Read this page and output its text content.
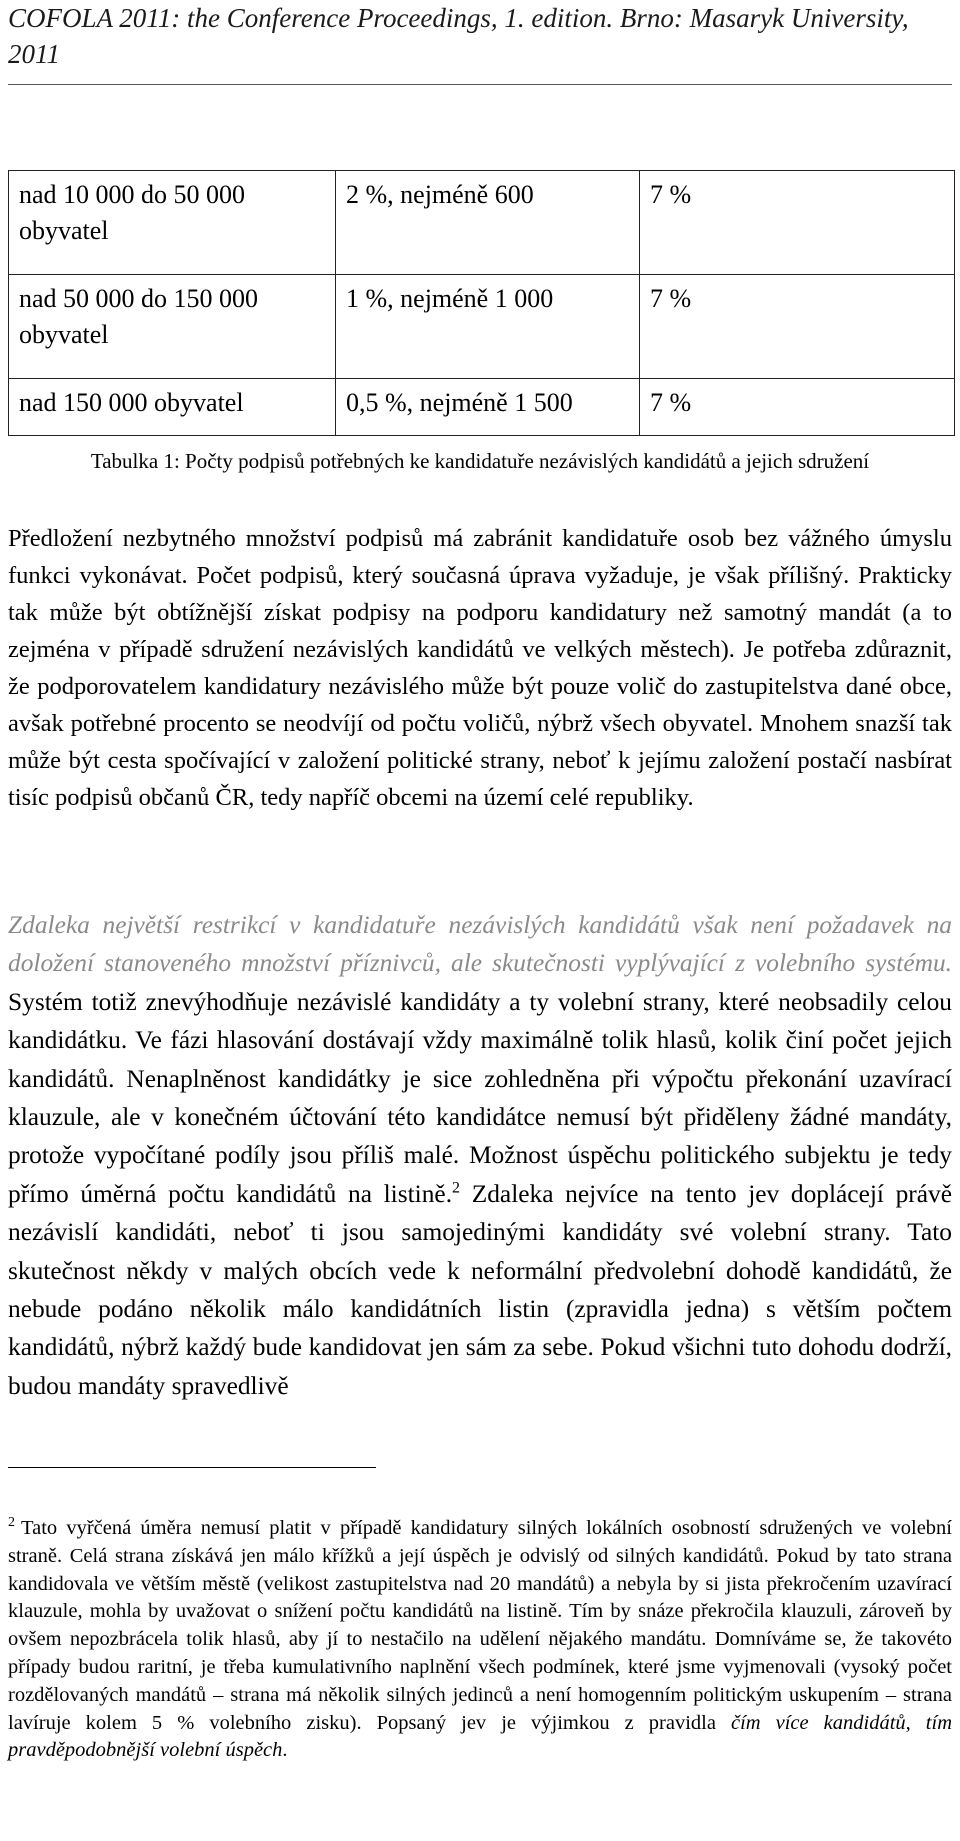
COFOLA 2011: the Conference Proceedings, 1. edition. Brno: Masaryk University, 2011
nad 10 000 do 50 000 obyvatel	2 %, nejméně 600	7 %
nad 50 000 do 150 000 obyvatel	1 %, nejméně 1 000	7 %
nad 150 000 obyvatel	0,5 %, nejméně 1 500	7 %
Tabulka 1: Počty podpisů potřebných ke kandidatuře nezávislých kandidátů a jejich sdružení

Předložení nezbytného množství podpisů má zabránit kandidatuře osob bez vážného úmyslu funkci vykonávat. Počet podpisů, který současná úprava vyžaduje, je však přílišný. Prakticky tak může být obtížnější získat podpisy na podporu kandidatury než samotný mandát (a to zejména v případě sdružení nezávislých kandidátů ve velkých městech). Je potřeba zdůraznit, že podporovatelem kandidatury nezávislého může být pouze volič do zastupitelstva dané obce, avšak potřebné procento se neodvíjí od počtu voličů, nýbrž všech obyvatel. Mnohem snazší tak může být cesta spočívající v založení politické strany, neboť k jejímu založení postačí nasbírat tisíc podpisů občanů ČR, tedy napříč obcemi na území celé republiky.

Zdaleka největší restrikcí v kandidatuře nezávislých kandidátů však není požadavek na doložení stanoveného množství příznivců, ale skutečnosti vyplývající z volebního systému. Systém totiž znevýhodňuje nezávislé kandidáty a ty volební strany, které neobsadily celou kandidátku. Ve fázi hlasování dostávají vždy maximálně tolik hlasů, kolik činí počet jejich kandidátů. Nenaplněnost kandidátky je sice zohledněna při výpočtu překonání uzavírací klauzule, ale v konečném účtování této kandidátce nemusí být přiděleny žádné mandáty, protože vypočítané podíly jsou příliš malé. Možnost úspěchu politického subjektu je tedy přímo úměrná počtu kandidátů na listině.$^2$ Zdaleka nejvíce na tento jev doplácejí právě nezávislí kandidáti, neboť ti jsou samojedinými kandidáty své volební strany. Tato skutečnost někdy v malých obcích vede k neformální předvolební dohodě kandidátů, že nebude podáno několik málo kandidátních listin (zpravidla jedna) s větším počtem kandidátů, nýbrž každý bude kandidovat jen sám za sebe. Pokud všichni tuto dohodu dodrží, budou mandáty spravedlivě

$^2$ Tato vyřčená úměra nemusí platit v případě kandidatury silných lokálních osobností sdružených ve volební straně. Celá strana získává jen málo křížků a její úspěch je odvislý od silných kandidátů. Pokud by tato strana kandidovala ve větším městě (velikost zastupitelstva nad 20 mandátů) a nebyla by si jista překročením uzavírací klauzule, mohla by uvažovat o snížení počtu kandidátů na listině. Tím by snáze překročila klauzuli, zároveň by ovšem nepozbrácela tolik hlasů, aby jí to nestačilo na udělení nějakého mandátu. Domníváme se, že takovéto případy budou raritní, je třeba kumulativního naplnění všech podmínek, které jsme vyjmenovali (vysoký počet rozdělovaných mandátů – strana má několik silných jedinců a není homogenním politickým uskupením – strana lavíruje kolem 5 % volebního zisku). Popsaný jev je výjimkou z pravidla čím více kandidátů, tím pravděpodobnější volební úspěch.
